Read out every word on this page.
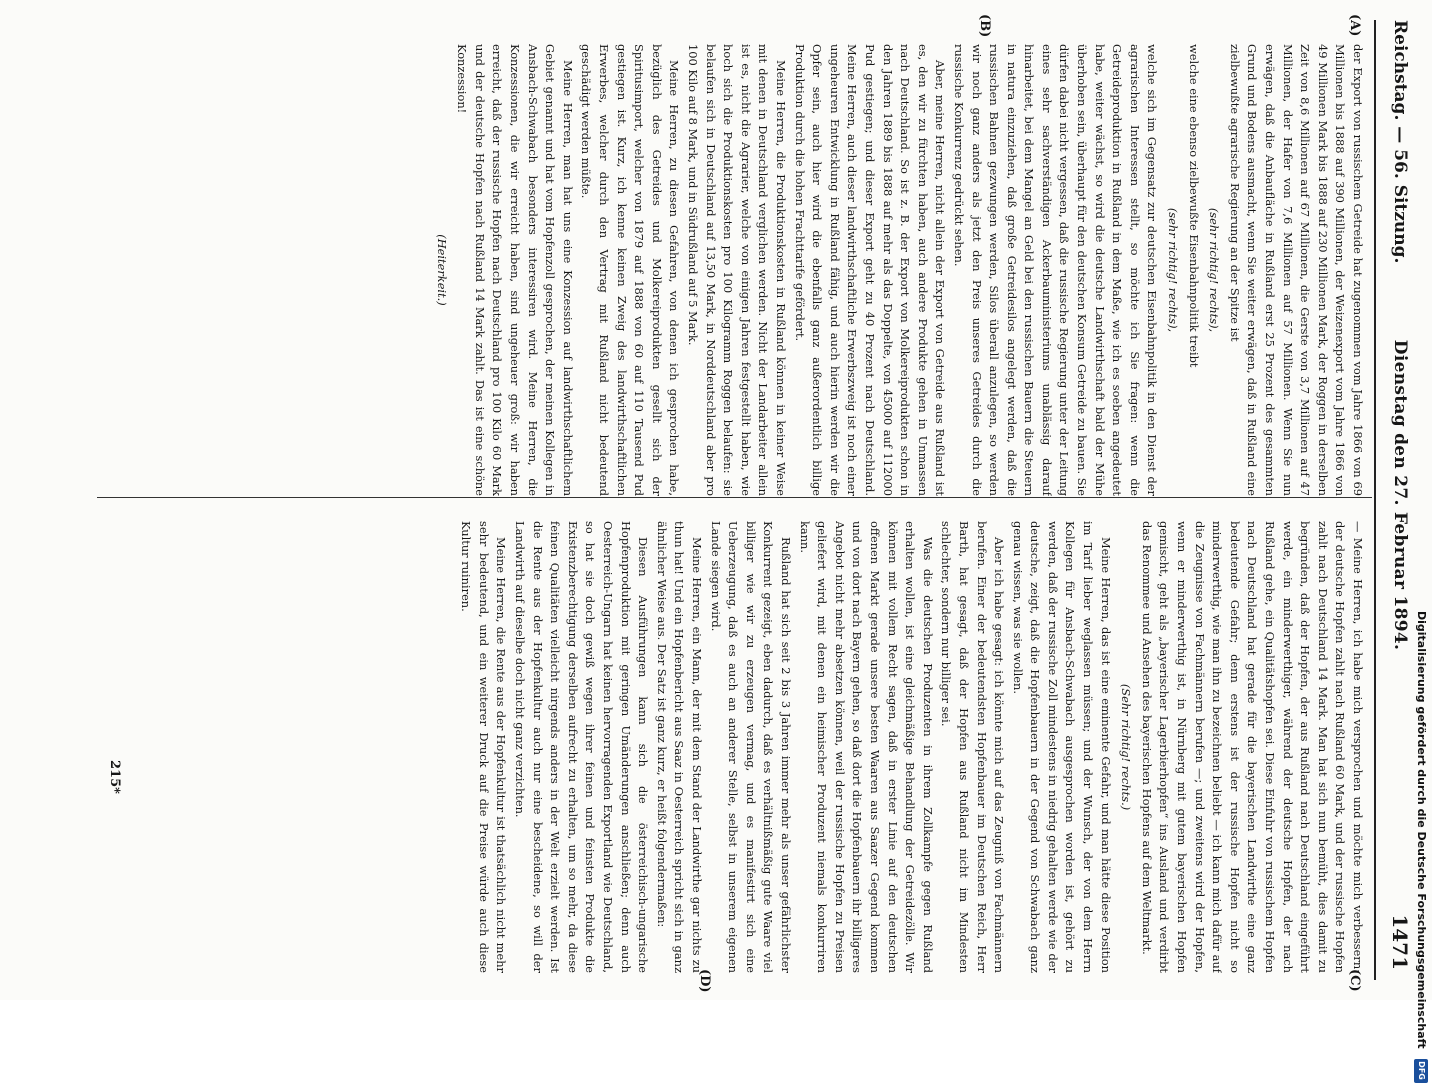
Reichstag. — 56. Sitzung.
Dienstag den 27. Februar 1894.
1471
(A)
(B)
(C)
(D)

der Export von russischem Getreide hat zugenommen vom Jahre 1866 von 69 Millionen bis 1888 auf 390 Millionen, der Weizenexport vom Jahre 1866 von 49 Millionen Mark bis 1888 auf 230 Millionen Mark, der Roggen in derselben Zeit von 8,6 Millionen auf 67 Millionen, die Gerste von 3,7 Millionen auf 47 Millionen, der Hafer von 7,6 Millionen auf 57 Millionen. Wenn Sie nun erwägen, daß die Anbaufläche in Rußland erst 25 Prozent des gesammten Grund und Bodens ausmacht, wenn Sie weiter erwägen, daß in Rußland eine zielbewußte agrarische Regierung an der Spitze ist

(sehr richtig! rechts),

welche eine ebenso zielbewußte Eisenbahnpolitik treibt

(sehr richtig! rechts),

welche sich im Gegensatz zur deutschen Eisenbahnpolitik in den Dienst der agrarischen Interessen stellt, so möchte ich Sie fragen: wenn die Getreideproduktion in Rußland in dem Maße, wie ich es soeben angedeutet habe, weiter wächst, so wird die deutsche Landwirthschaft bald der Mühe überhoben sein, überhaupt für den deutschen Konsum Getreide zu bauen. Sie dürfen dabei nicht vergessen, daß die russische Regierung unter der Leitung eines sehr sachverständigen Ackerbauministeriums unablässig darauf hinarbeitet, bei dem Mangel an Geld bei den russischen Bauern die Steuern in natura einzuziehen, daß große Getreidesilos angelegt werden, daß die russischen Bahnen gezwungen werden, Silos überall anzulegen, so werden wir noch ganz anders als jetzt den Preis unseres Getreides durch die russische Konkurrenz gedrückt sehen.

Aber, meine Herren, nicht allein der Export von Getreide aus Rußland ist es, den wir zu fürchten haben, auch andere Produkte gehen in Unmassen nach Deutschland. So ist z. B. der Export von Molkereiprodukten schon in den Jahren 1889 bis 1888 auf mehr als das Doppelte, von 45000 auf 112000 Pud gestiegen; und dieser Export geht zu 40 Prozent nach Deutschland. Meine Herren, auch dieser landwirthschaftliche Erwerbszweig ist noch einer ungeheuren Entwicklung in Rußland fähig, und auch hierin werden wir die Opfer sein, auch hier wird die ebenfalls ganz außerordentlich billige Produktion durch die hohen Frachttarife gefördert.

Meine Herren, die Produktionskosten in Rußland können in keiner Weise mit denen in Deutschland verglichen werden. Nicht der Landarbeiter allein ist es, nicht die Agrarier, welche von einigen Jahren festgestellt haben, wie hoch sich die Produktionskosten pro 100 Kilogramm Roggen belaufen: sie belaufen sich in Deutschland auf 13,50 Mark, in Norddeutschland aber pro 100 Kilo auf 8 Mark, und in Südrußland auf 5 Mark.

Meine Herren, zu diesen Gefahren, von denen ich gesprochen habe, bezüglich des Getreides und Molkereiprodukten gesellt sich der Spiritusimport, welcher von 1879 auf 1888 von 60 auf 110 Tausend Pud gestiegen ist. Kurz, ich kenne keinen Zweig des landwirthschaftlichen Erwerbes, welcher durch den Vertrag mit Rußland nicht bedeutend geschädigt werden müßte.

Meine Herren, man hat uns eine Konzession auf landwirthschaftlichem Gebiet genannt und hat vom Hopfenzoll gesprochen, der meinen Kollegen in Ansbach-Schwabach besonders interessiren wird. Meine Herren, die Konzessionen, die wir erreicht haben, sind ungeheuer groß: wir haben erreicht, daß der russische Hopfen nach Deutschland pro 100 Kilo 60 Mark und der deutsche Hopfen nach Rußland 14 Mark zahlt. Das ist eine schöne Konzession!

(Heiterkeit.)

— Meine Herren, ich habe mich versprochen und möchte mich verbessern: der deutsche Hopfen zahlt nach Rußland 60 Mark, und der russische Hopfen zahlt nach Deutschland 14 Mark. Man hat sich nun bemüht, dies damit zu begründen, daß der Hopfen, der aus Rußland nach Deutschland eingeführt werde, ein minderwerthiger, während der deutsche Hopfen, der nach Rußland gehe, ein Qualitätshopfen sei. Diese Einfuhr von russischem Hopfen nach Deutschland hat gerade für die bayerischen Landwirthe eine ganz bedeutende Gefahr; denn erstens ist der russische Hopfen nicht so minderwerthig, wie man ihn zu bezeichnen beliebt — ich kann mich dafür auf die Zeugnisse von Fachmännern berufen —; und zweitens wird der Hopfen, wenn er minderwerthig ist, in Nürnberg mit gutem bayerischen Hopfen gemischt, geht als „bayerischer Lagerbierhopfen“ ins Ausland und verdirbt das Renommee und Ansehen des bayerischen Hopfens auf dem Weltmarkt.

(Sehr richtig! rechts.)

Meine Herren, das ist eine eminente Gefahr, und man hätte diese Position im Tarif lieber weglassen müssen; und der Wunsch, der von dem Herrn Kollegen für Ansbach-Schwabach ausgesprochen worden ist, gehört zu werden, daß der russische Zoll mindestens in niedrig gehalten werde wie der deutsche, zeigt, daß die Hopfenbauern in der Gegend von Schwabach ganz genau wissen, was sie wollen.

Aber ich habe gesagt: ich könnte mich auf das Zeugniß von Fachmännern berufen. Einer der bedeutendsten Hopfenbauer im Deutschen Reich, Herr Barth, hat gesagt, daß der Hopfen aus Rußland nicht im Mindesten schlechter, sondern nur billiger sei.

Was die deutschen Produzenten in ihrem Zollkampfe gegen Rußland erhalten wollen, ist eine gleichmäßige Behandlung der Getreidezölle. Wir können mit vollem Recht sagen, daß in erster Linie auf den deutschen offenen Markt gerade unsere besten Waaren aus Saazer Gegend kommen und von dort nach Bayern gehen, so daß dort die Hopfenbauern ihr billigeres Angebot nicht mehr absetzen können, weil der russische Hopfen zu Preisen geliefert wird, mit denen ein heimischer Produzent niemals konkurriren kann.

Rußland hat sich seit 2 bis 3 Jahren immer mehr als unser gefährlichster Konkurrent gezeigt, eben dadurch, daß es verhältnißmäßig gute Waare viel billiger wie wir zu erzeugen vermag, und es manifestirt sich eine Ueberzeugung, daß es auch an anderer Stelle, selbst in unserem eigenen Lande siegen wird.

Meine Herren, ein Mann, der mit dem Stand der Landwirthe gar nichts zu thun hat! Und ein Hopfenbericht aus Saaz in Oesterreich spricht sich in ganz ähnlicher Weise aus. Der Satz ist ganz kurz, er heißt folgendermaßen:

Diesen Ausführungen kann sich die österreichisch-ungarische Hopfenproduktion mit geringen Umänderungen anschließen; denn auch Oesterreich-Ungarn hat keinen hervorragenden Exportland wie Deutschland, so hat sie doch gewiß wegen ihrer feinen und feinsten Produkte die Existenzberechtigung derselben aufrecht zu erhalten, um so mehr, da diese feinen Qualitäten vielleicht nirgends anders in der Welt erzielt werden. Ist die Rente aus der Hopfenkultur auch nur eine bescheidene, so will der Landwirth auf dieselbe doch nicht ganz verzichten.

Meine Herren, die Rente aus der Hopfenkultur ist thatsächlich nicht mehr sehr bedeutend, und ein weiterer Druck auf die Preise würde auch diese Kultur ruiniren.

215*	Digitalisierung gefördert durch die Deutsche Forschungsgemeinschaft DFG
